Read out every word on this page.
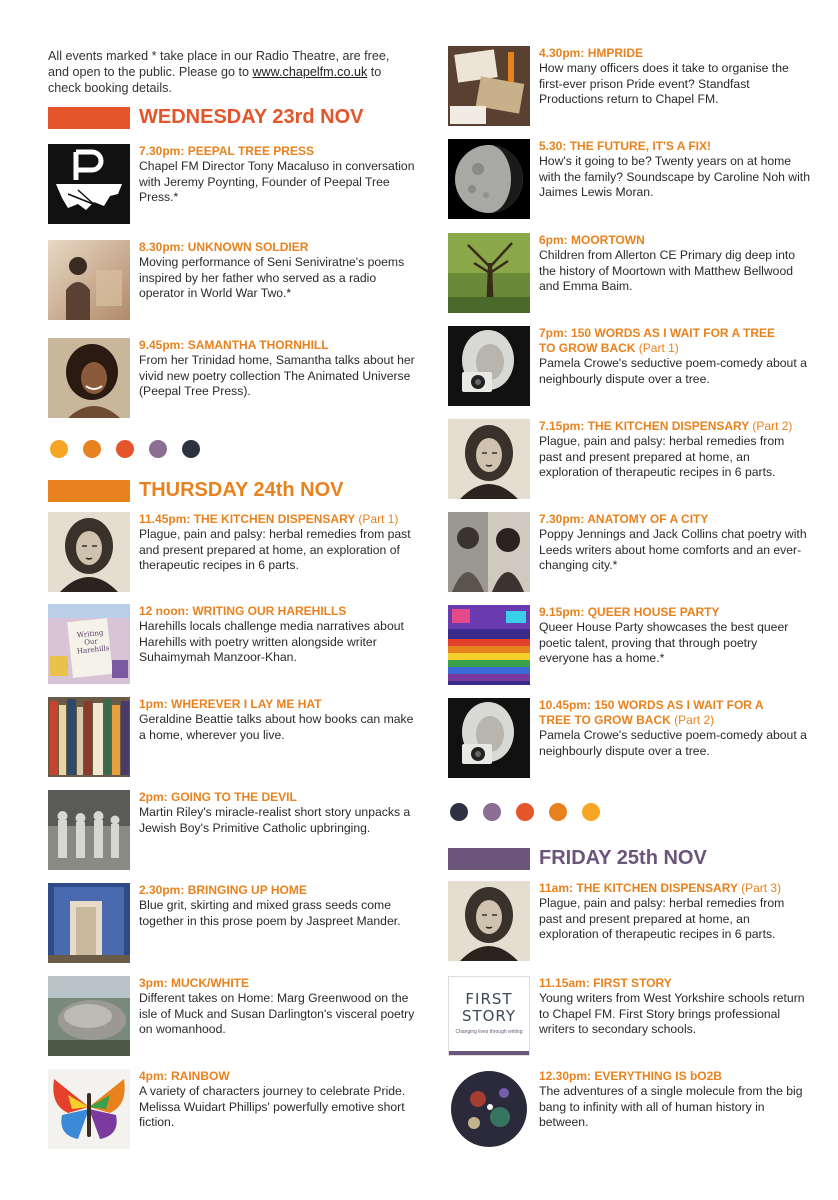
All events marked * take place in our Radio Theatre, are free, and open to the public. Please go to www.chapelfm.co.uk to check booking details.
WEDNESDAY 23rd NOV
7.30pm: PEEPAL TREE PRESS
Chapel FM Director Tony Macaluso in conversation with Jeremy Poynting, Founder of Peepal Tree Press.*
8.30pm: UNKNOWN SOLDIER
Moving performance of Seni Seniviratne's poems inspired by her father who served as a radio operator in World War Two.*
9.45pm: SAMANTHA THORNHILL
From her Trinidad home, Samantha talks about her vivid new poetry collection The Animated Universe (Peepal Tree Press).
THURSDAY 24th NOV
11.45pm: THE KITCHEN DISPENSARY (Part 1)
Plague, pain and palsy: herbal remedies from past and present prepared at home, an exploration of therapeutic recipes in 6 parts.
Writing Our Harehills
12 noon: WRITING OUR HAREHILLS
Harehills locals challenge media narratives about Harehills with poetry written alongside writer Suhaimymah Manzoor-Khan.
1pm: WHEREVER I LAY ME HAT
Geraldine Beattie talks about how books can make a home, wherever you live.
2pm: GOING TO THE DEVIL
Martin Riley's miracle-realist short story unpacks a Jewish Boy's Primitive Catholic upbringing.
2.30pm: BRINGING UP HOME
Blue grit, skirting and mixed grass seeds come together in this prose poem by Jaspreet Mander.
3pm: MUCK/WHITE
Different takes on Home: Marg Greenwood on the isle of Muck and Susan Darlington's visceral poetry on womanhood.
4pm: RAINBOW
A variety of characters journey to celebrate Pride. Melissa Wuidart Phillips' powerfully emotive short fiction.
4.30pm: HMPRIDE
How many officers does it take to organise the first-ever prison Pride event? Standfast Productions return to Chapel FM.
5.30: THE FUTURE, IT'S A FIX!
How's it going to be? Twenty years on at home with the family? Soundscape by Caroline Noh with Jaimes Lewis Moran.
6pm: MOORTOWN
Children from Allerton CE Primary dig deep into the history of Moortown with Matthew Bellwood and Emma Baim.
7pm: 150 WORDS AS I WAIT FOR A TREE
TO GROW BACK (Part 1)
Pamela Crowe's seductive poem-comedy about a neighbourly dispute over a tree.
7.15pm: THE KITCHEN DISPENSARY (Part 2)
Plague, pain and palsy: herbal remedies from past and present prepared at home, an exploration of therapeutic recipes in 6 parts.
7.30pm: ANATOMY OF A CITY
Poppy Jennings and Jack Collins chat poetry with Leeds writers about home comforts and an ever-changing city.*
9.15pm: QUEER HOUSE PARTY
Queer House Party showcases the best queer poetic talent, proving that through poetry everyone has a home.*
10.45pm: 150 WORDS AS I WAIT FOR A
TREE TO GROW BACK (Part 2)
Pamela Crowe's seductive poem-comedy about a neighbourly dispute over a tree.
FRIDAY 25th NOV
11am: THE KITCHEN DISPENSARY (Part 3)
Plague, pain and palsy: herbal remedies from past and present prepared at home, an exploration of therapeutic recipes in 6 parts.
FIRST
STORY
Changing lives through writing
11.15am: FIRST STORY
Young writers from West Yorkshire schools return to Chapel FM. First Story brings professional writers to secondary schools.
12.30pm: EVERYTHING IS bO2B
The adventures of a single molecule from the big bang to infinity with all of human history in between.
